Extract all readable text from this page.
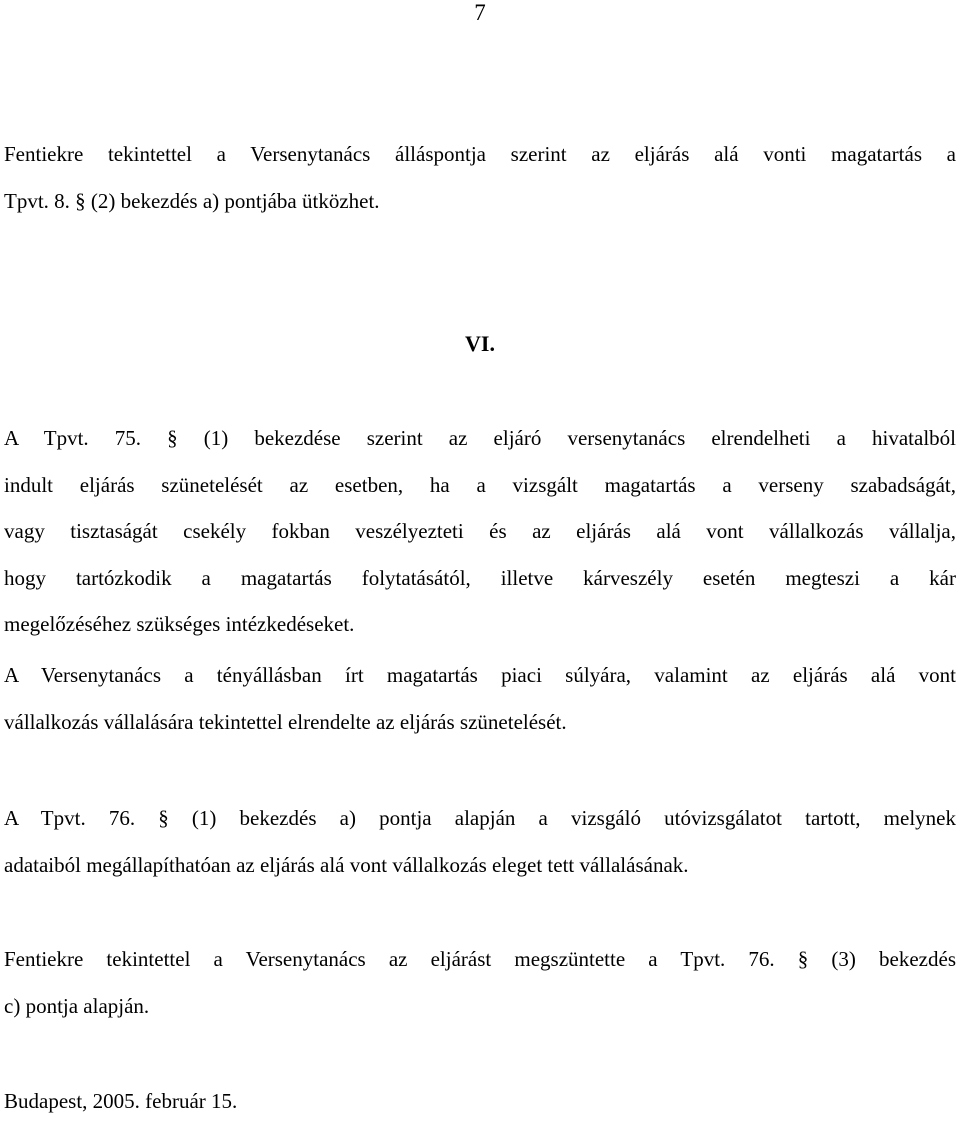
7
Fentiekre tekintettel a Versenytanács álláspontja szerint az eljárás alá vonti magatartás a
Tpvt. 8. § (2) bekezdés a) pontjába ütközhet.
VI.
A Tpvt. 75. § (1) bekezdése szerint az eljáró versenytanács elrendelheti a hivatalból
indult eljárás szünetelését az esetben, ha a vizsgált magatartás a verseny szabadságát,
vagy tisztaságát csekély fokban veszélyezteti és az eljárás alá vont vállalkozás vállalja,
hogy tartózkodik a magatartás folytatásától, illetve kárveszély esetén megteszi a kár
megelőzéséhez szükséges intézkedéseket.
A Versenytanács a tényállásban írt magatartás piaci súlyára, valamint az eljárás alá vont
vállalkozás vállalására tekintettel elrendelte az eljárás szünetelését.
A Tpvt. 76. § (1) bekezdés a) pontja alapján a vizsgáló utóvizsgálatot tartott, melynek
adataiból megállapíthatóan az eljárás alá vont vállalkozás eleget tett vállalásának.
Fentiekre tekintettel a Versenytanács az eljárást megszüntette a Tpvt. 76. § (3) bekezdés
c) pontja alapján.
Budapest, 2005. február 15.
